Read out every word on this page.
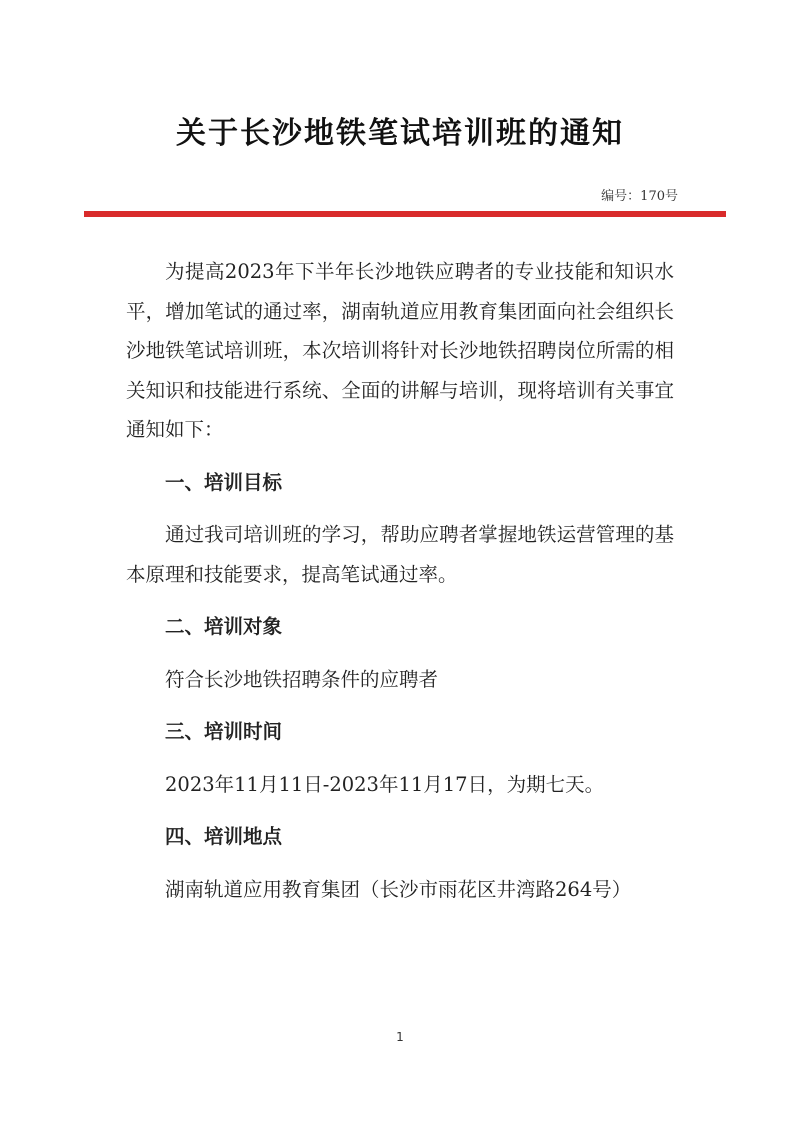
关于长沙地铁笔试培训班的通知
编号：170号

为提高2023年下半年长沙地铁应聘者的专业技能和知识水平，增加笔试的通过率，湖南轨道应用教育集团面向社会组织长沙地铁笔试培训班，本次培训将针对长沙地铁招聘岗位所需的相关知识和技能进行系统、全面的讲解与培训，现将培训有关事宜通知如下：

一、培训目标

通过我司培训班的学习，帮助应聘者掌握地铁运营管理的基本原理和技能要求，提高笔试通过率。

二、培训对象

符合长沙地铁招聘条件的应聘者

三、培训时间

2023年11月11日-2023年11月17日，为期七天。

四、培训地点

湖南轨道应用教育集团（长沙市雨花区井湾路264号）

1
